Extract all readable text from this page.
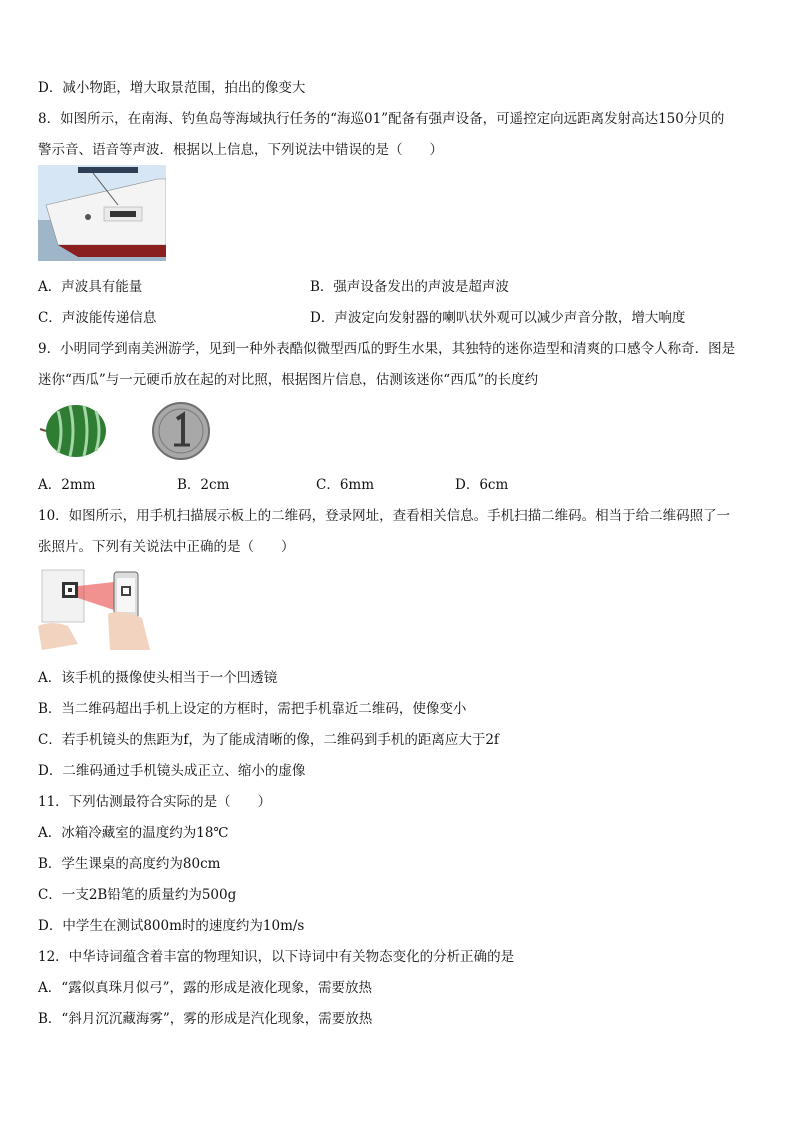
D．减小物距，增大取景范围，拍出的像变大
8．如图所示，在南海、钓鱼岛等海域执行任务的“海巡01”配备有强声设备，可遥控定向远距离发射高达150分贝的
警示音、语音等声波．根据以上信息，下列说法中错误的是（　　）
A．声波具有能量	B．强声设备发出的声波是超声波
C．声波能传递信息	D．声波定向发射器的喇叭状外观可以减少声音分散，增大响度
9．小明同学到南美洲游学，见到一种外表酷似微型西瓜的野生水果，其独特的迷你造型和清爽的口感令人称奇．图是
迷你“西瓜”与一元硬币放在起的对比照，根据图片信息，估测该迷你“西瓜”的长度约
A．2mm	B．2cm	C．6mm	D．6cm
10．如图所示，用手机扫描展示板上的二维码，登录网址，查看相关信息。手机扫描二维码。相当于给二维码照了一
张照片。下列有关说法中正确的是（　　）
A．该手机的摄像使头相当于一个凹透镜
B．当二维码超出手机上设定的方框时，需把手机靠近二维码，使像变小
C．若手机镜头的焦距为f，为了能成清晰的像，二维码到手机的距离应大于2f
D．二维码通过手机镜头成正立、缩小的虚像
11．下列估测最符合实际的是（　　）
A．冰箱冷藏室的温度约为18℃
B．学生课桌的高度约为80cm
C．一支2B铅笔的质量约为500g
D．中学生在测试800m时的速度约为10m/s
12．中华诗词蕴含着丰富的物理知识，以下诗词中有关物态变化的分析正确的是
A．“露似真珠月似弓”，露的形成是液化现象，需要放热
B．“斜月沉沉藏海雾”，雾的形成是汽化现象，需要放热
